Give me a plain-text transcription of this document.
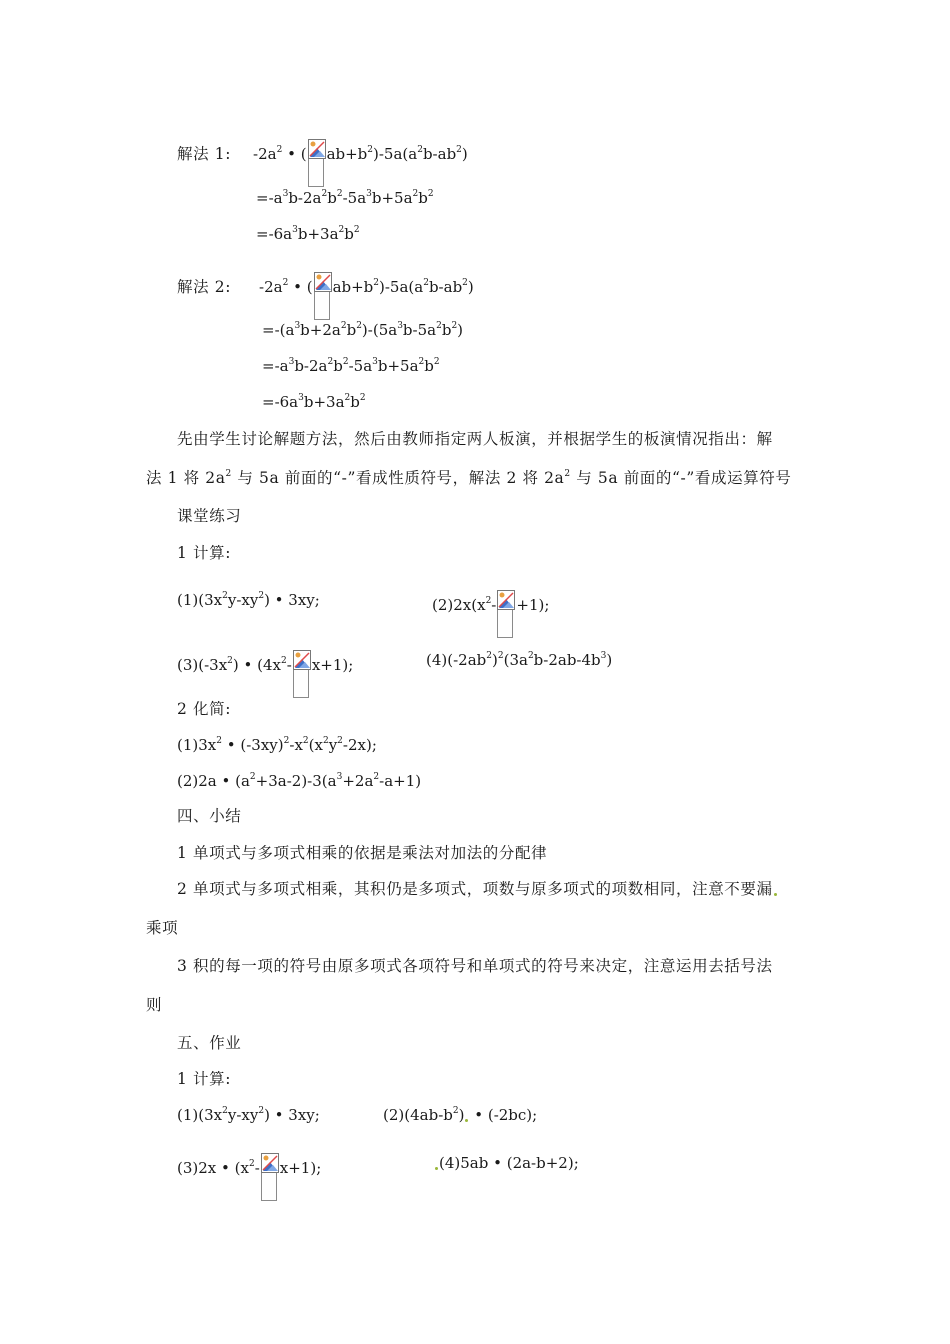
解法 1: $-2a^2$ • ( $ab+b^2)-5a(a^2b-ab^2)$
$=-a^3b-2a^2b^2-5a^3b+5a^2b^2$
$=-6a^3b+3a^2b^2$
解法 2: $-2a^2$ • ( $ab+b^2)-5a(a^2b-ab^2)$
$=-(a^3b+2a^2b^2)-(5a^3b-5a^2b^2)$
$=-a^3b-2a^2b^2-5a^3b+5a^2b^2$
$=-6a^3b+3a^2b^2$
先由学生讨论解题方法，然后由教师指定两人板演，并根据学生的板演情况指出：解
法 1 将 $2a^2$ 与 5a 前面的“-”看成性质符号，解法 2 将 $2a^2$ 与 5a 前面的“-”看成运算符号
课堂练习
1 计算:
$(1)(3x^2y-xy^2)$ • 3xy;	$(2)2x(x^2- +1)$;
$(3)(-3x^2)$ • ($4x^2-$ x+1);	$(4)(-2ab^2)^2(3a^2b-2ab-4b^3)$
2 化简:
$(1)3x^2$ • $(-3xy)^2-x^2(x^2y^2-2x)$;
(2)2a • $(a^2+3a-2)-3(a^3+2a^2-a+1)$
四、小结
1 单项式与多项式相乘的依据是乘法对加法的分配律
2 单项式与多项式相乘，其积仍是多项式，项数与原多项式的项数相同，注意不要漏
乘项
3 积的每一项的符号由原多项式各项符号和单项式的符号来决定，注意运用去括号法
则
五、作业
1 计算:
$(1)(3x^2y-xy^2)$ • 3xy;	$(2)(4ab-b^2)$ • (-2bc);
(3)2x • ($x^2-$ x+1);	(4)5ab • (2a-b+2);
